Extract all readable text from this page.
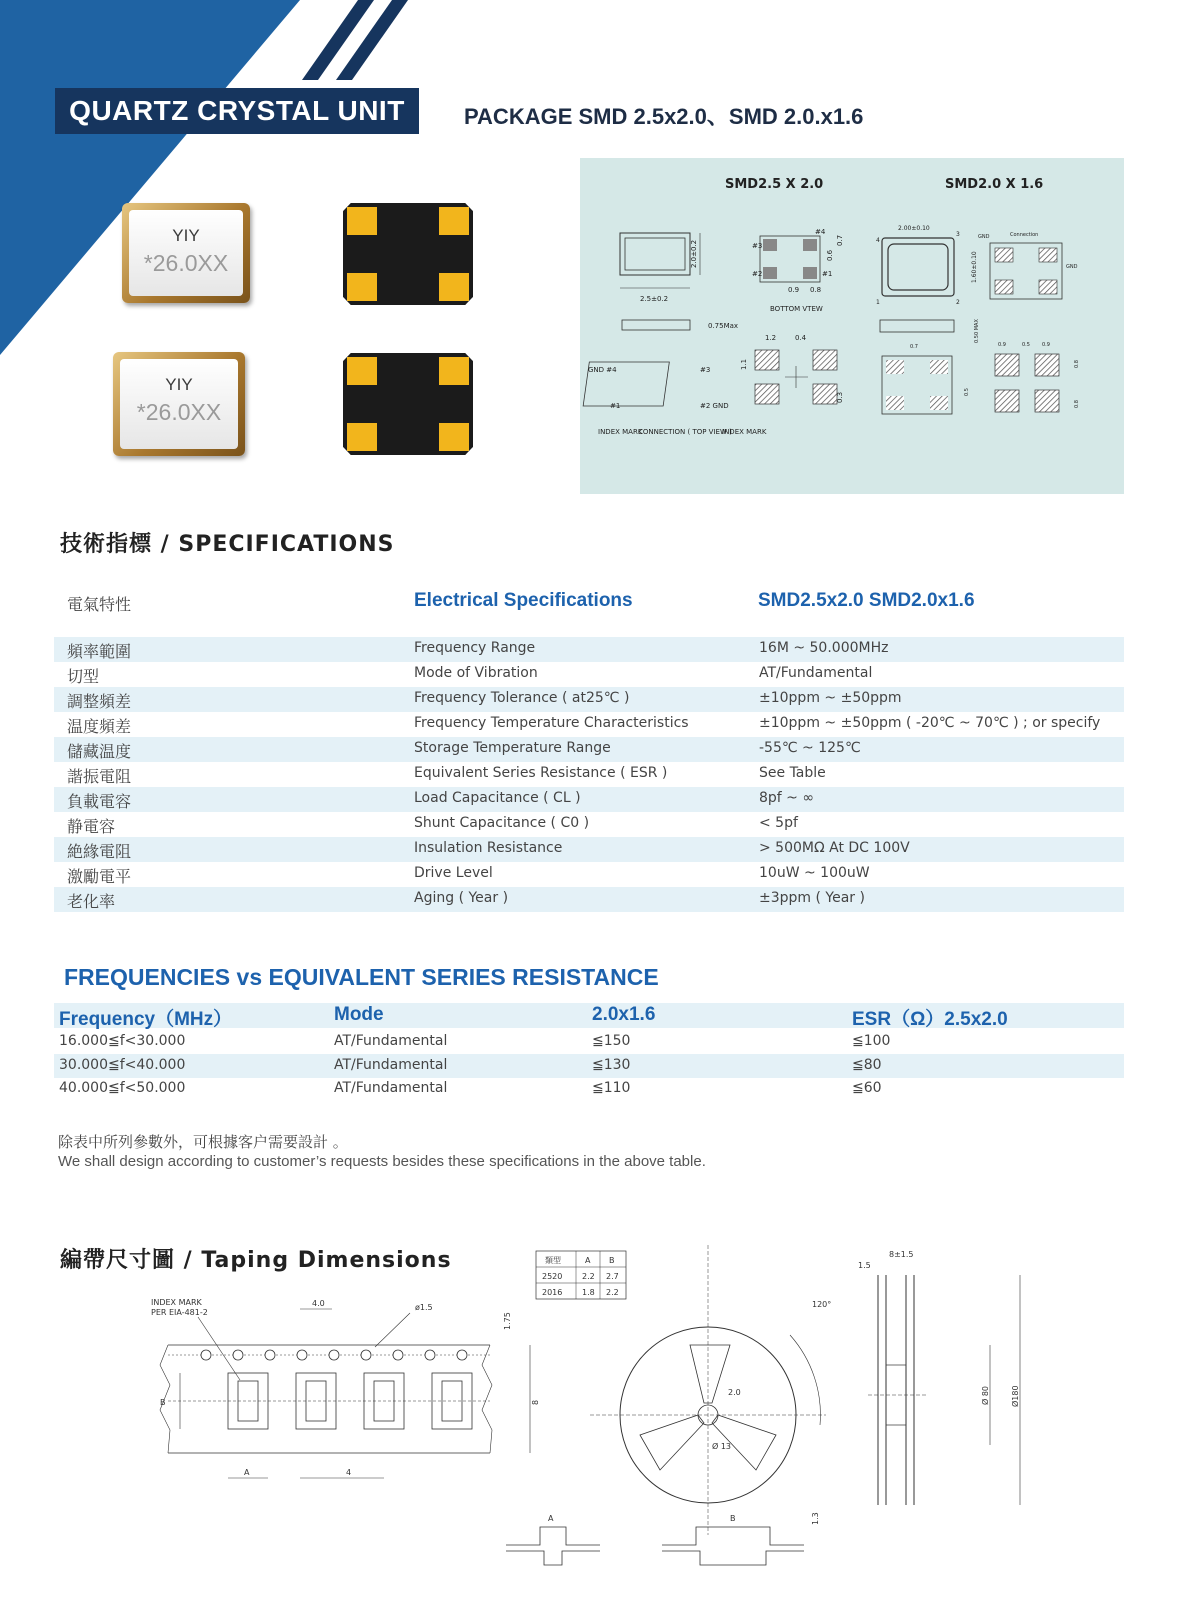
QUARTZ CRYSTAL UNIT	PACKAGE SMD 2.5x2.0、SMD 2.0.x1.6
YIY
*26.0XX
YIY
*26.0XX
SMD2.5 X 2.0	SMD2.0 X 1.6
2.5±0.2
2.0±0.2	#3
#4
#2	#1
0.7
0.6
0.9 0.8
BOTTOM VTEW
0.75Max
GND #4	#3
#1	#2 GND
INDEX MARK
CONNECTION ( TOP VIEW )
1.2	0.4
1.1
0.3
INDEX MARK
2.00±0.10
1.60±0.10
4
3
1	2
GND	Connection
GND
0.50 MAX
0.7
0.5
0.9	0.5 0.9
0.8
0.8
技術指標 / SPECIFICATIONS
電氣特性	Electrical Specifications	SMD2.5x2.0 SMD2.0x1.6
頻率範圍	Frequency Range	16M ~ 50.000MHz
切型	Mode of Vibration	AT/Fundamental
調整頻差	Frequency Tolerance ( at25℃ )	±10ppm ~ ±50ppm
温度頻差	Frequency Temperature Characteristics	±10ppm ~ ±50ppm ( -20℃ ~ 70℃ ) ; or specify
儲藏温度	Storage Temperature Range	-55℃ ~ 125℃
諧振電阻	Equivalent Series Resistance ( ESR )	See Table
負載電容	Load Capacitance ( CL )	8pf ~ ∞
静電容	Shunt Capacitance ( C0 )	< 5pf
絶緣電阻	Insulation Resistance	> 500MΩ At DC 100V
激勵電平	Drive Level	10uW ~ 100uW
老化率	Aging ( Year )	±3ppm ( Year )
FREQUENCIES vs EQUIVALENT SERIES RESISTANCE
Frequency（MHz）	Mode	2.0x1.6	ESR（Ω）2.5x2.0
16.000≦f<30.000	AT/Fundamental	≦150	≦100
30.000≦f<40.000	AT/Fundamental	≦130	≦80
40.000≦f<50.000	AT/Fundamental	≦110	≦60
除表中所列參數外，可根據客户需要設計 。
We shall design according to customer’s requests besides these specifications in the above table.
編帶尺寸圖 / Taping Dimensions
INDEX MARK
PER EIA-481-2
4.0	ø1.5
B
A	4
8
1.75
類型	A B
2520 2.2 2.7
2016 1.8 2.2
120°
2.0
Ø 13
1.5
8±1.5
Ø 80	Ø180
A	B	1.3
